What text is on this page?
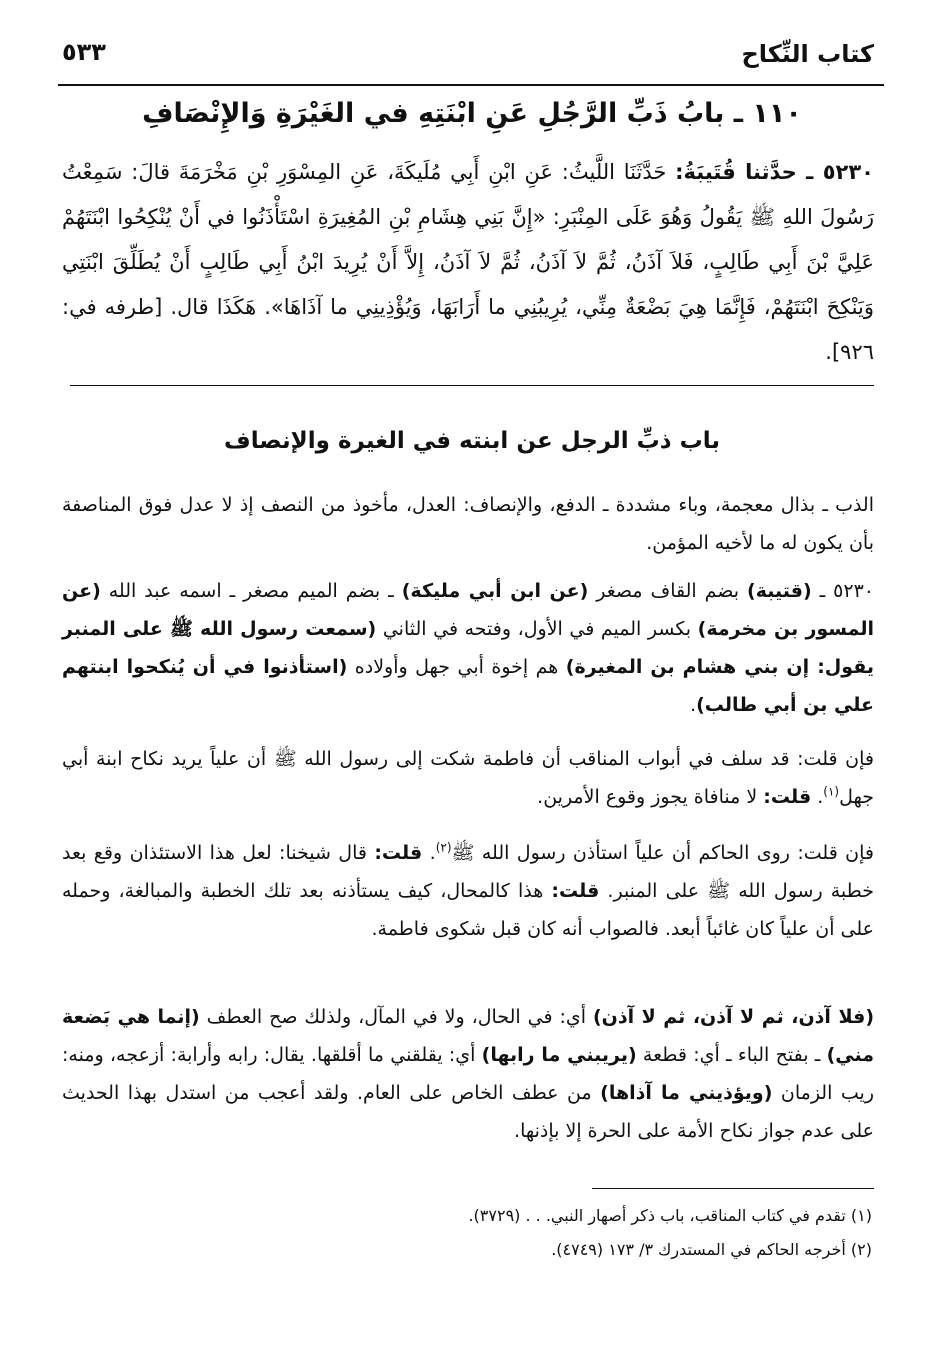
كتاب النِّكاح
٥٣٣
١١٠ ـ بابُ ذَبِّ الرَّجُلِ عَنِ ابْنَتِهِ في الغَيْرَةِ وَالإِنْصَافِ
٥٢٣٠ ـ حدَّثنا قُتَيبَةُ: حَدَّثَنَا اللَّيثُ: عَنِ ابْنِ أَبِي مُلَيكَةَ، عَنِ المِسْوَرِ بْنِ مَخْرَمَةَ قالَ: سَمِعْتُ رَسُولَ اللهِ ﷺ يَقُولُ وَهُوَ عَلَى المِنْبَرِ: «إِنَّ بَنِي هِشَامِ بْنِ المُغِيرَةِ اسْتَأْذَنُوا في أَنْ يُنْكِحُوا ابْنَتَهُمْ عَلِيَّ بْنَ أَبِي طَالِبٍ، فَلاَ آذَنُ، ثُمَّ لاَ آذَنُ، ثُمَّ لاَ آذَنُ، إِلاَّ أَنْ يُرِيدَ ابْنُ أَبِي طَالِبٍ أَنْ يُطَلِّقَ ابْنَتِي وَيَنْكِحَ ابْنَتَهُمْ، فَإِنَّمَا هِيَ بَضْعَةٌ مِنِّي، يُرِيبُنِي ما أَرَابَهَا، وَيُؤْذِينِي ما آذَاهَا». هَكَذَا قال. [طرفه في: ٩٢٦].
باب ذبِّ الرجل عن ابنته في الغيرة والإنصاف
الذب ـ بذال معجمة، وباء مشددة ـ الدفع، والإنصاف: العدل، مأخوذ من النصف إذ لا عدل فوق المناصفة بأن يكون له ما لأخيه المؤمن.
٥٢٣٠ ـ (قتيبة) بضم القاف مصغر (عن ابن أبي مليكة) ـ بضم الميم مصغر ـ اسمه عبد الله (عن المسور بن مخرمة) بكسر الميم في الأول، وفتحه في الثاني (سمعت رسول الله ﷺ على المنبر يقول: إن بني هشام بن المغيرة) هم إخوة أبي جهل وأولاده (استأذنوا في أن يُنكحوا ابنتهم علي بن أبي طالب).
فإن قلت: قد سلف في أبواب المناقب أن فاطمة شكت إلى رسول الله ﷺ أن علياً يريد نكاح ابنة أبي جهل$^{(١)}$. قلت: لا منافاة يجوز وقوع الأمرين.
فإن قلت: روى الحاكم أن علياً استأذن رسول الله ﷺ$^{(٢)}$. قلت: قال شيخنا: لعل هذا الاستئذان وقع بعد خطبة رسول الله ﷺ على المنبر. قلت: هذا كالمحال، كيف يستأذنه بعد تلك الخطبة والمبالغة، وحمله على أن علياً كان غائباً أبعد. فالصواب أنه كان قبل شكوى فاطمة.
(فلا آذن، ثم لا آذن، ثم لا آذن) أي: في الحال، ولا في المآل، ولذلك صح العطف (إنما هي بَضعة مني) ـ بفتح الباء ـ أي: قطعة (يريبني ما رابها) أي: يقلقني ما أقلقها. يقال: رابه وأرابة: أزعجه، ومنه: ريب الزمان (ويؤذيني ما آذاها) من عطف الخاص على العام. ولقد أعجب من استدل بهذا الحديث على عدم جواز نكاح الأمة على الحرة إلا بإذنها.
(١) تقدم في كتاب المناقب، باب ذكر أصهار النبي. . . (٣٧٢٩).
(٢) أخرجه الحاكم في المستدرك ٣/ ١٧٣ (٤٧٤٩).
